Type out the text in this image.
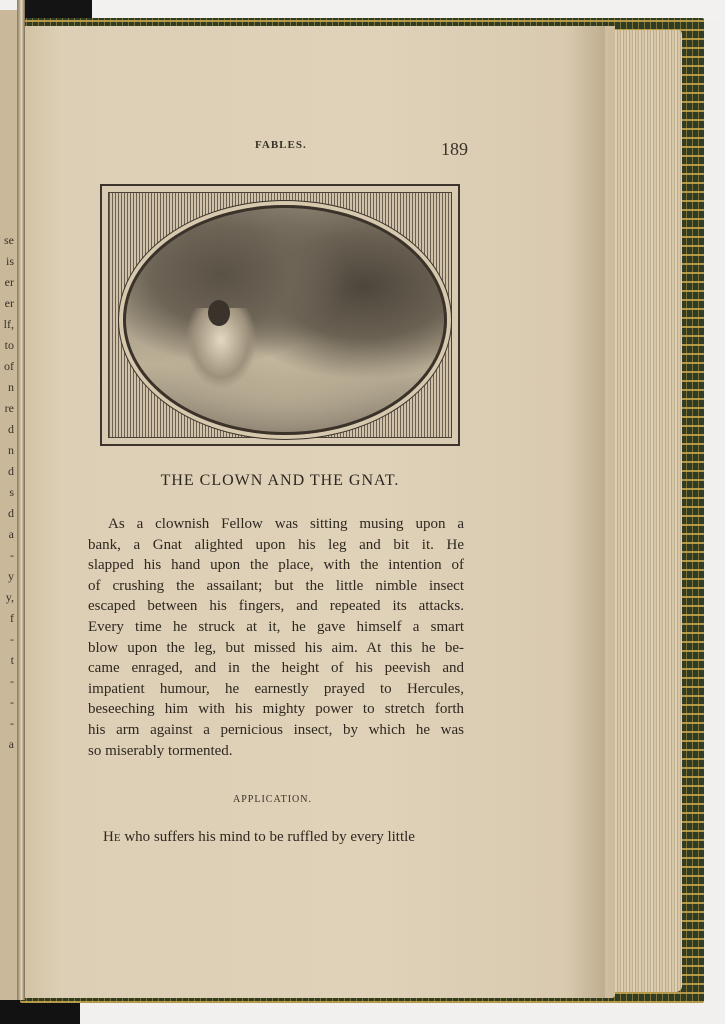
se
is
er
er
lf,
to
of
n
re
d
n
d
s
d
a
-
y
y,
f
-
t
-
-
-
a
FABLES.	189
THE CLOWN AND THE GNAT.
As a clownish Fellow was sitting musing upon a
bank, a Gnat alighted upon his leg and bit it. He
slapped his hand upon the place, with the intention of
of crushing the assailant; but the little nimble insect
escaped between his fingers, and repeated its attacks.
Every time he struck at it, he gave himself a smart
blow upon the leg, but missed his aim. At this he be-
came enraged, and in the height of his peevish and
impatient humour, he earnestly prayed to Hercules,
beseeching him with his mighty power to stretch forth
his arm against a pernicious insect, by which he was
so miserably tormented.
APPLICATION.
He who suffers his mind to be ruffled by every little
